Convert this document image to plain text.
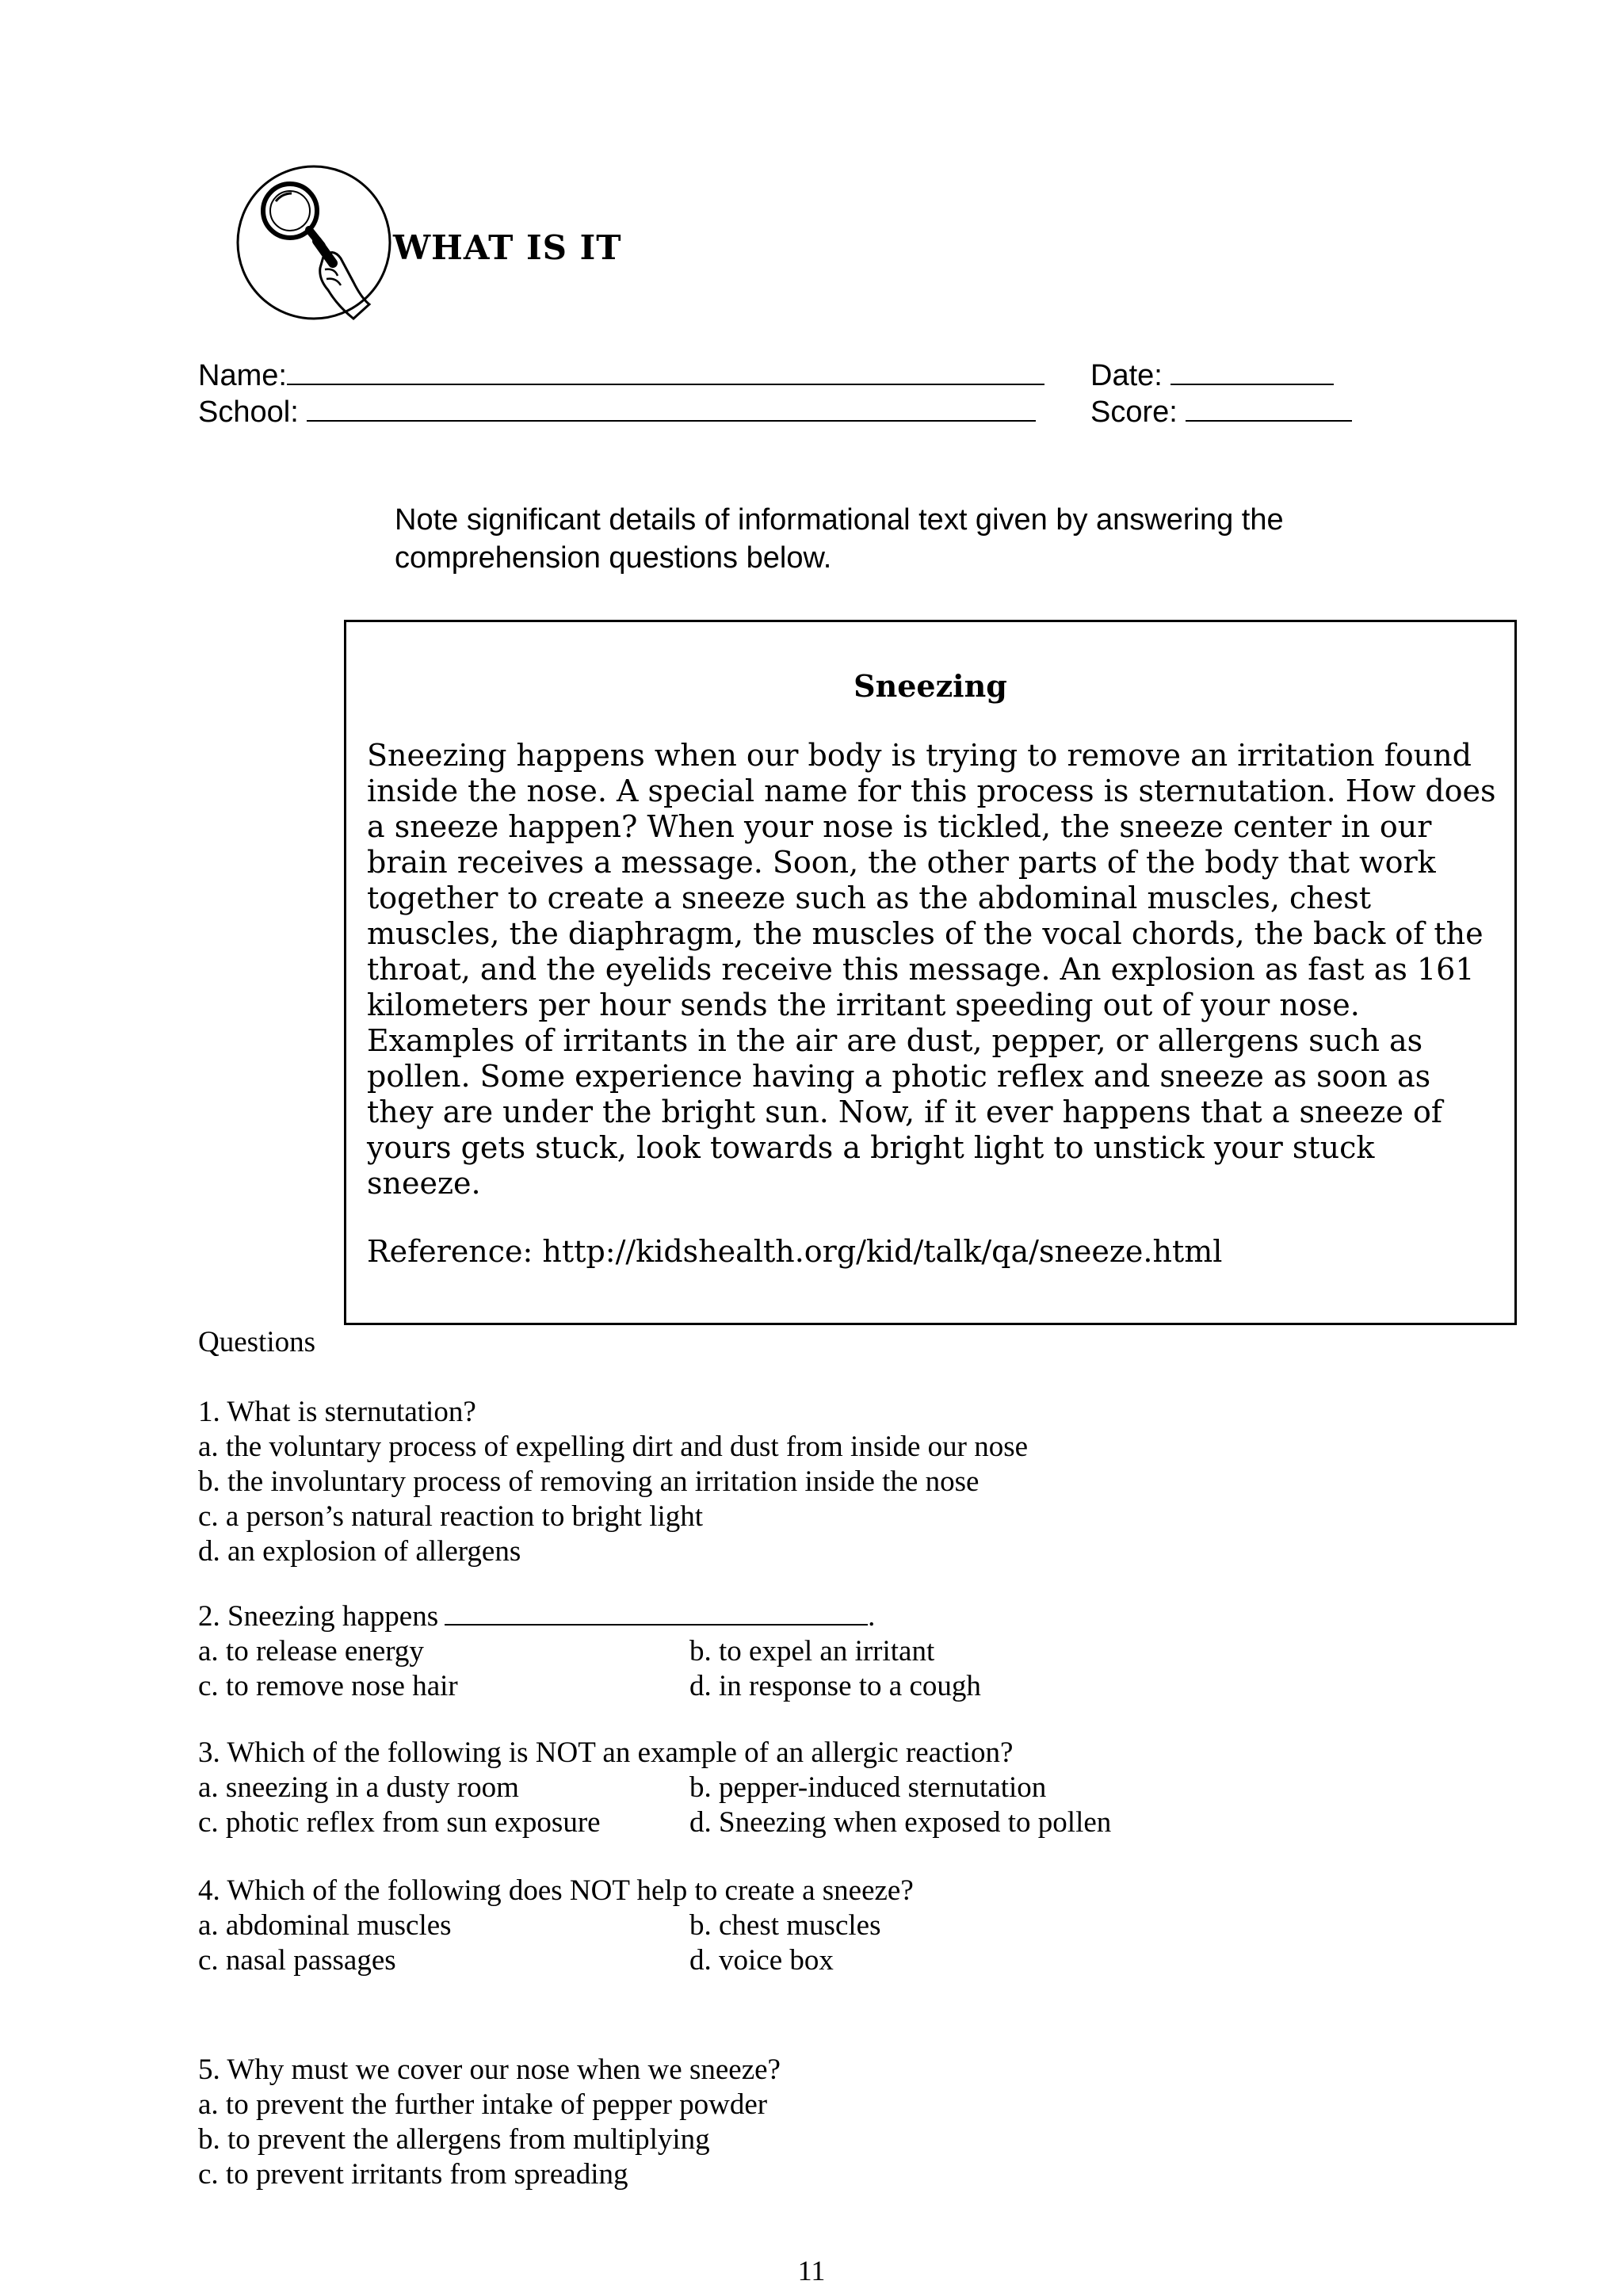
WHAT IS IT
Name:	Date:
School:	Score:
Note significant details of informational text given by answering the comprehension questions below.
Sneezing
Sneezing happens when our body is trying to remove an irritation found inside the nose. A special name for this process is sternutation. How does a sneeze happen? When your nose is tickled, the sneeze center in our brain receives a message. Soon, the other parts of the body that work together to create a sneeze such as the abdominal muscles, chest muscles, the diaphragm, the muscles of the vocal chords, the back of the throat, and the eyelids receive this message. An explosion as fast as 161 kilometers per hour sends the irritant speeding out of your nose. Examples of irritants in the air are dust, pepper, or allergens such as pollen. Some experience having a photic reflex and sneeze as soon as they are under the bright sun. Now, if it ever happens that a sneeze of yours gets stuck, look towards a bright light to unstick your stuck sneeze.
Reference: http://kidshealth.org/kid/talk/qa/sneeze.html
Questions
1. What is sternutation?
a. the voluntary process of expelling dirt and dust from inside our nose
b. the involuntary process of removing an irritation inside the nose
c. a person’s natural reaction to bright light
d. an explosion of allergens
2. Sneezing happens	.
a. to release energy	b. to expel an irritant
c. to remove nose hair	d. in response to a cough
3. Which of the following is NOT an example of an allergic reaction?
a. sneezing in a dusty room	b. pepper-induced sternutation
c. photic reflex from sun exposure	d. Sneezing when exposed to pollen
4. Which of the following does NOT help to create a sneeze?
a. abdominal muscles	b. chest muscles
c. nasal passages	d. voice box
5. Why must we cover our nose when we sneeze?
a. to prevent the further intake of pepper powder
b. to prevent the allergens from multiplying
c. to prevent irritants from spreading
11
